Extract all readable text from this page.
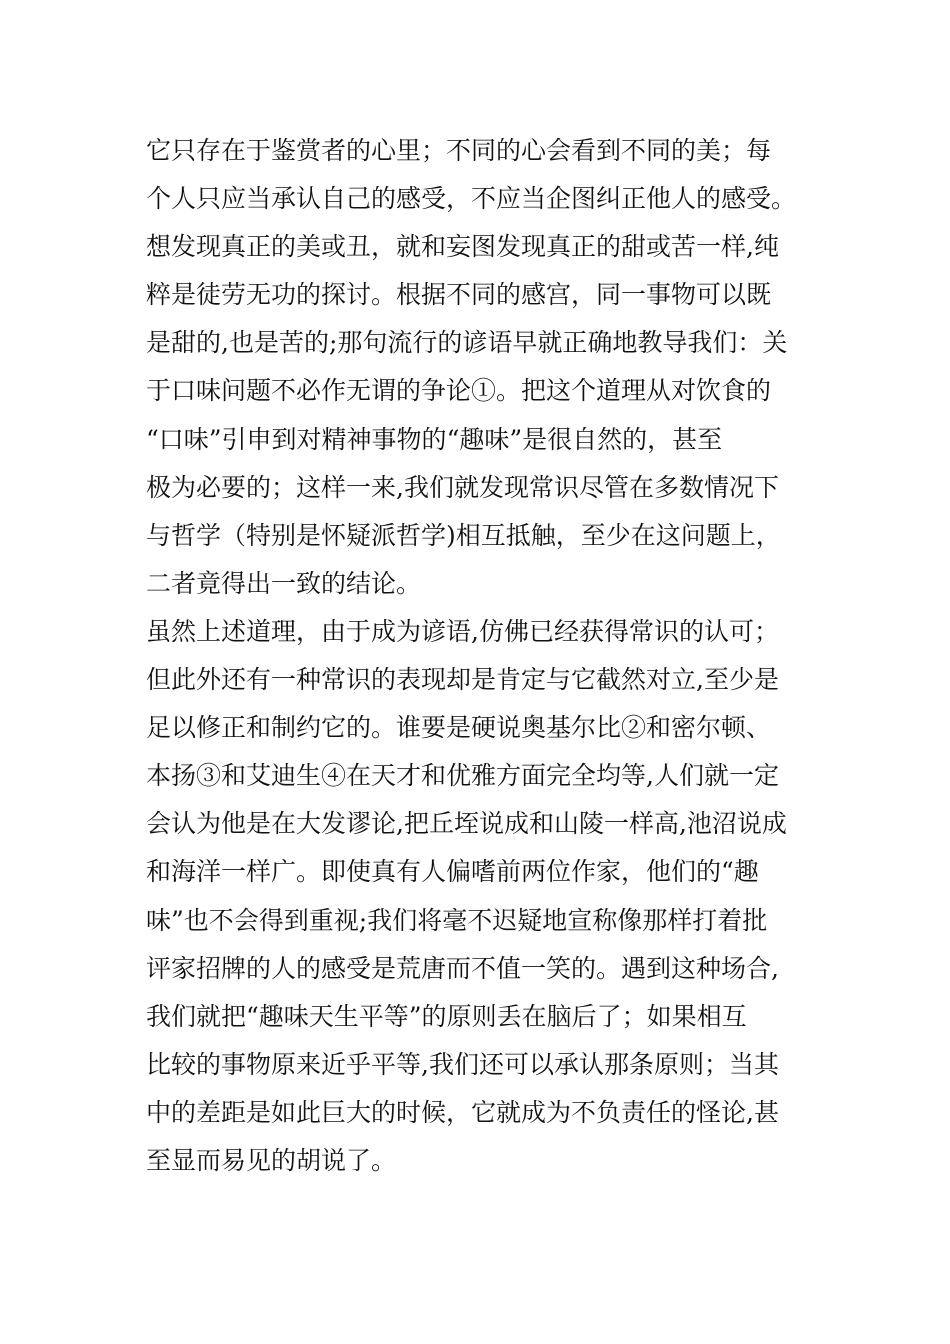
它只存在于鉴赏者的心里；不同的心会看到不同的美；每
个人只应当承认自己的感受，不应当企图纠正他人的感受。
想发现真正的美或丑，就和妄图发现真正的甜或苦一样,纯
粹是徒劳无功的探讨。根据不同的感宫，同一事物可以既
是甜的,也是苦的;那句流行的谚语早就正确地教导我们：关
于口味问题不必作无谓的争论①。把这个道理从对饮食的
“口味”引申到对精神事物的“趣味”是很自然的，甚至
极为必要的；这样一来,我们就发现常识尽管在多数情况下
与哲学（特别是怀疑派哲学)相互抵触，至少在这问题上，
二者竟得出一致的结论。
虽然上述道理，由于成为谚语,仿佛已经获得常识的认可；
但此外还有一种常识的表现却是肯定与它截然对立,至少是
足以修正和制约它的。谁要是硬说奥基尔比②和密尔顿、
本扬③和艾迪生④在天才和优雅方面完全均等,人们就一定
会认为他是在大发谬论,把丘垤说成和山陵一样高,池沼说成
和海洋一样广。即使真有人偏嗜前两位作家，他们的“趣
味”也不会得到重视;我们将毫不迟疑地宣称像那样打着批
评家招牌的人的感受是荒唐而不值一笑的。遇到这种场合,
我们就把“趣味天生平等”的原则丢在脑后了；如果相互
比较的事物原来近乎平等,我们还可以承认那条原则；当其
中的差距是如此巨大的时候，它就成为不负责任的怪论,甚
至显而易见的胡说了。
